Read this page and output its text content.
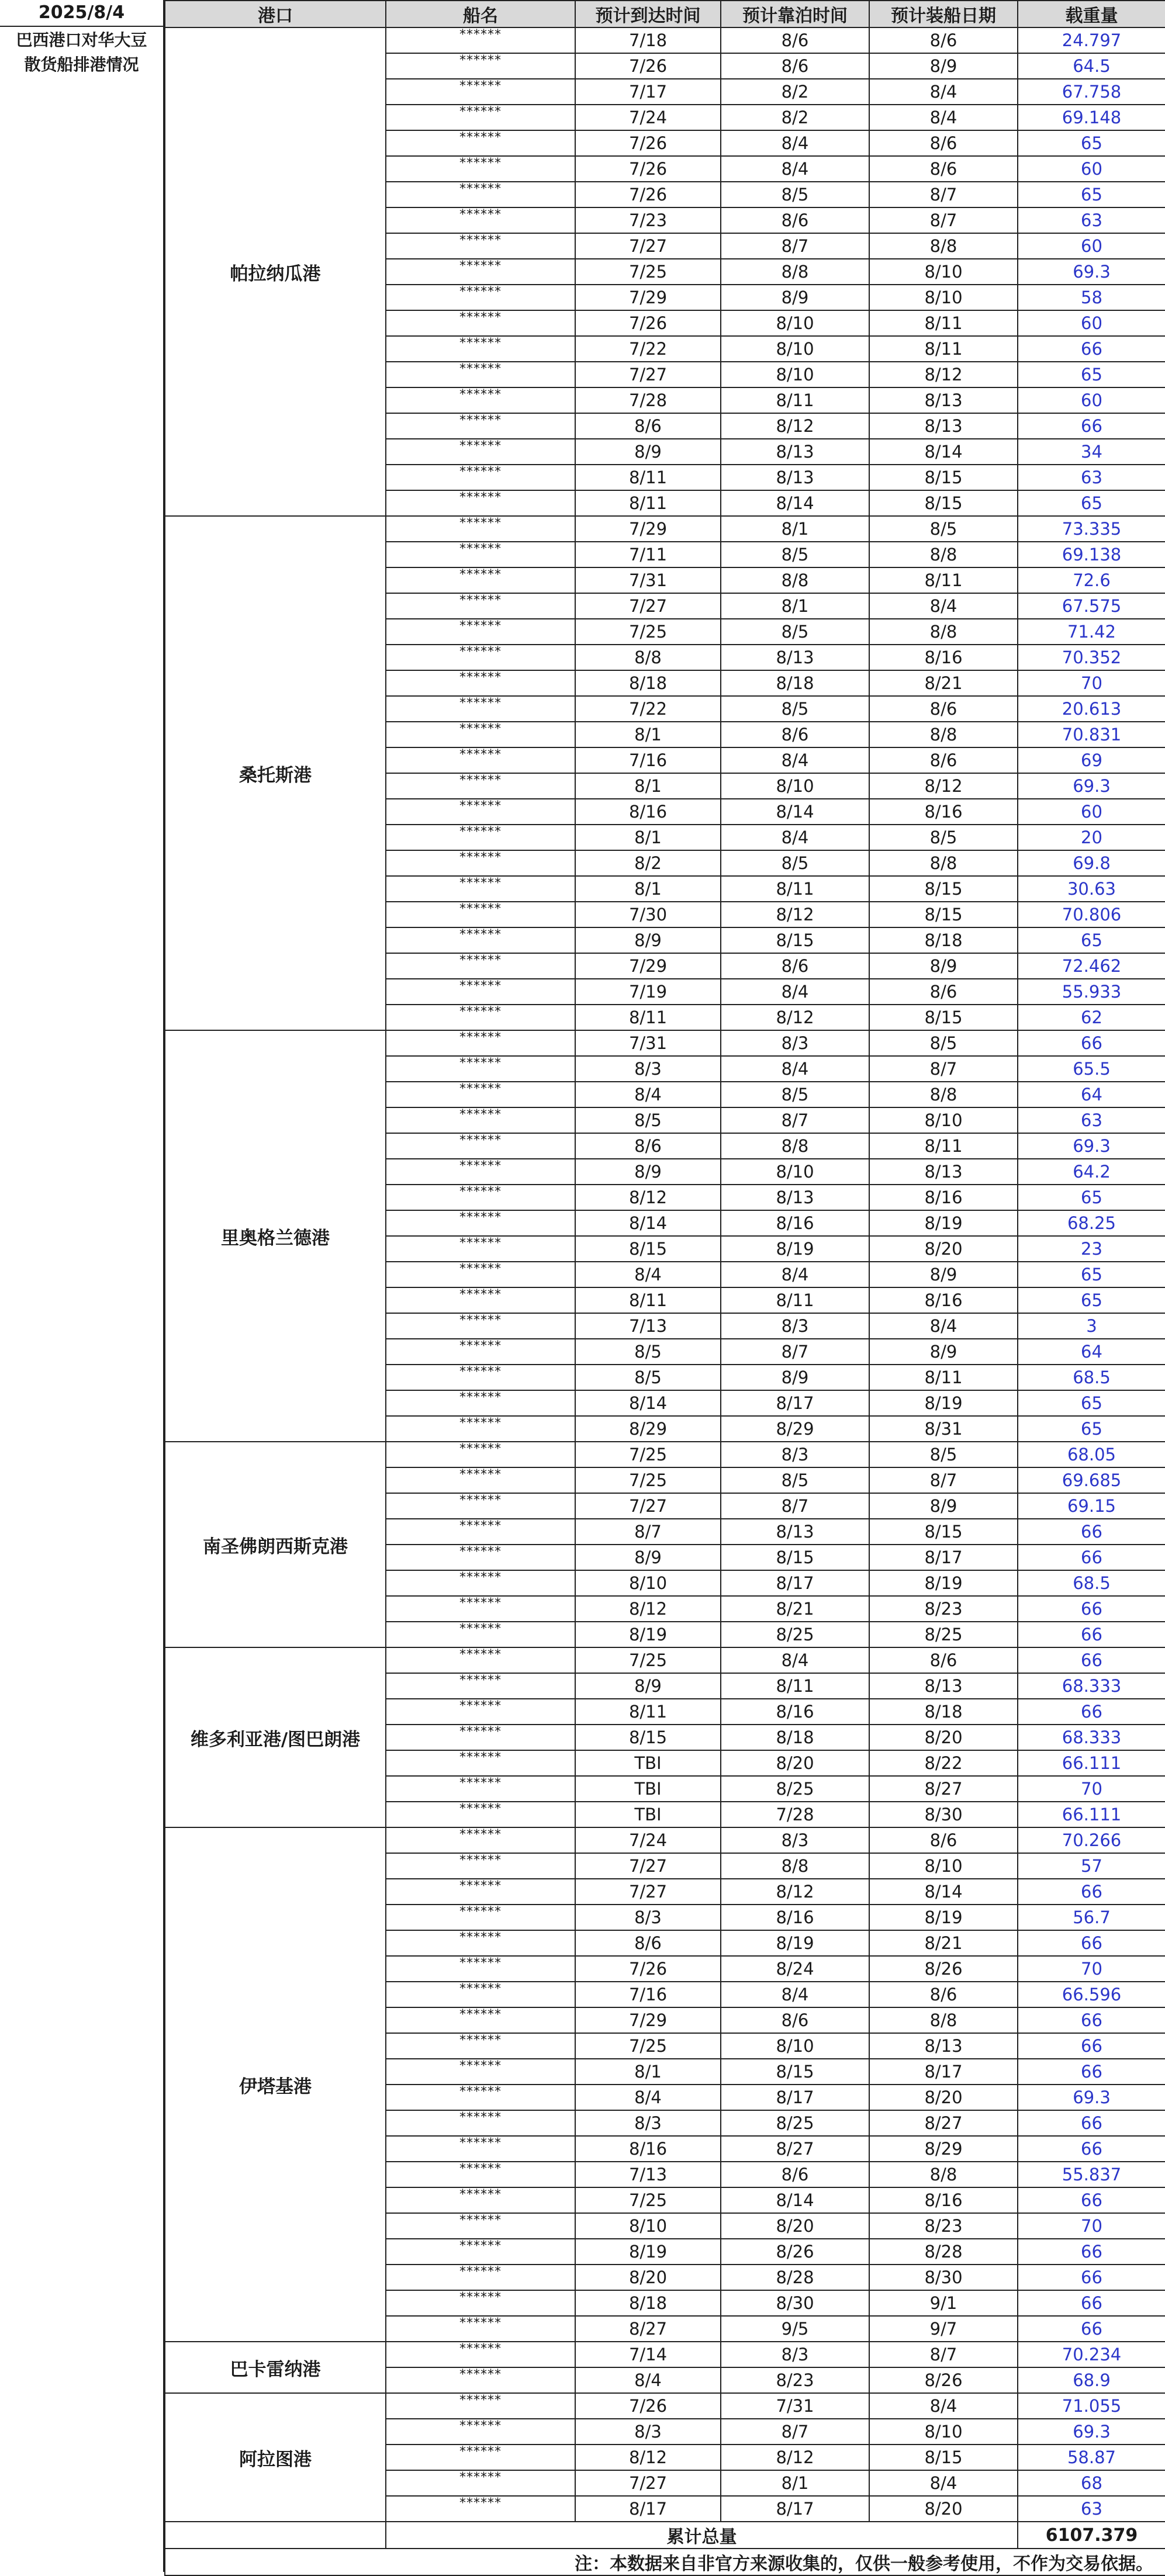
2025/8/4
巴西港口对华大豆
散货船排港情况
港口	船名	预计到达时间	预计靠泊时间	预计装船日期	载重量
帕拉纳瓜港	******	7/18	8/6	8/6	24.797
	******	7/26	8/6	8/9	64.5
	******	7/17	8/2	8/4	67.758
	******	7/24	8/2	8/4	69.148
	******	7/26	8/4	8/6	65
	******	7/26	8/4	8/6	60
	******	7/26	8/5	8/7	65
	******	7/23	8/6	8/7	63
	******	7/27	8/7	8/8	60
	******	7/25	8/8	8/10	69.3
	******	7/29	8/9	8/10	58
	******	7/26	8/10	8/11	60
	******	7/22	8/10	8/11	66
	******	7/27	8/10	8/12	65
	******	7/28	8/11	8/13	60
	******	8/6	8/12	8/13	66
	******	8/9	8/13	8/14	34
	******	8/11	8/13	8/15	63
	******	8/11	8/14	8/15	65
桑托斯港	******	7/29	8/1	8/5	73.335
	******	7/11	8/5	8/8	69.138
	******	7/31	8/8	8/11	72.6
	******	7/27	8/1	8/4	67.575
	******	7/25	8/5	8/8	71.42
	******	8/8	8/13	8/16	70.352
	******	8/18	8/18	8/21	70
	******	7/22	8/5	8/6	20.613
	******	8/1	8/6	8/8	70.831
	******	7/16	8/4	8/6	69
	******	8/1	8/10	8/12	69.3
	******	8/16	8/14	8/16	60
	******	8/1	8/4	8/5	20
	******	8/2	8/5	8/8	69.8
	******	8/1	8/11	8/15	30.63
	******	7/30	8/12	8/15	70.806
	******	8/9	8/15	8/18	65
	******	7/29	8/6	8/9	72.462
	******	7/19	8/4	8/6	55.933
	******	8/11	8/12	8/15	62
里奥格兰德港	******	7/31	8/3	8/5	66
	******	8/3	8/4	8/7	65.5
	******	8/4	8/5	8/8	64
	******	8/5	8/7	8/10	63
	******	8/6	8/8	8/11	69.3
	******	8/9	8/10	8/13	64.2
	******	8/12	8/13	8/16	65
	******	8/14	8/16	8/19	68.25
	******	8/15	8/19	8/20	23
	******	8/4	8/4	8/9	65
	******	8/11	8/11	8/16	65
	******	7/13	8/3	8/4	3
	******	8/5	8/7	8/9	64
	******	8/5	8/9	8/11	68.5
	******	8/14	8/17	8/19	65
	******	8/29	8/29	8/31	65
南圣佛朗西斯克港	******	7/25	8/3	8/5	68.05
	******	7/25	8/5	8/7	69.685
	******	7/27	8/7	8/9	69.15
	******	8/7	8/13	8/15	66
	******	8/9	8/15	8/17	66
	******	8/10	8/17	8/19	68.5
	******	8/12	8/21	8/23	66
	******	8/19	8/25	8/25	66
维多利亚港/图巴朗港	******	7/25	8/4	8/6	66
	******	8/9	8/11	8/13	68.333
	******	8/11	8/16	8/18	66
	******	8/15	8/18	8/20	68.333
	******	TBI	8/20	8/22	66.111
	******	TBI	8/25	8/27	70
	******	TBI	7/28	8/30	66.111
伊塔基港	******	7/24	8/3	8/6	70.266
	******	7/27	8/8	8/10	57
	******	7/27	8/12	8/14	66
	******	8/3	8/16	8/19	56.7
	******	8/6	8/19	8/21	66
	******	7/26	8/24	8/26	70
	******	7/16	8/4	8/6	66.596
	******	7/29	8/6	8/8	66
	******	7/25	8/10	8/13	66
	******	8/1	8/15	8/17	66
	******	8/4	8/17	8/20	69.3
	******	8/3	8/25	8/27	66
	******	8/16	8/27	8/29	66
	******	7/13	8/6	8/8	55.837
	******	7/25	8/14	8/16	66
	******	8/10	8/20	8/23	70
	******	8/19	8/26	8/28	66
	******	8/20	8/28	8/30	66
	******	8/18	8/30	9/1	66
	******	8/27	9/5	9/7	66
巴卡雷纳港	******	7/14	8/3	8/7	70.234
	******	8/4	8/23	8/26	68.9
阿拉图港	******	7/26	7/31	8/4	71.055
	******	8/3	8/7	8/10	69.3
	******	8/12	8/12	8/15	58.87
	******	7/27	8/1	8/4	68
	******	8/17	8/17	8/20	63
	累计总量				6107.379
注：本数据来自非官方来源收集的，仅供一般参考使用，不作为交易依据。					
